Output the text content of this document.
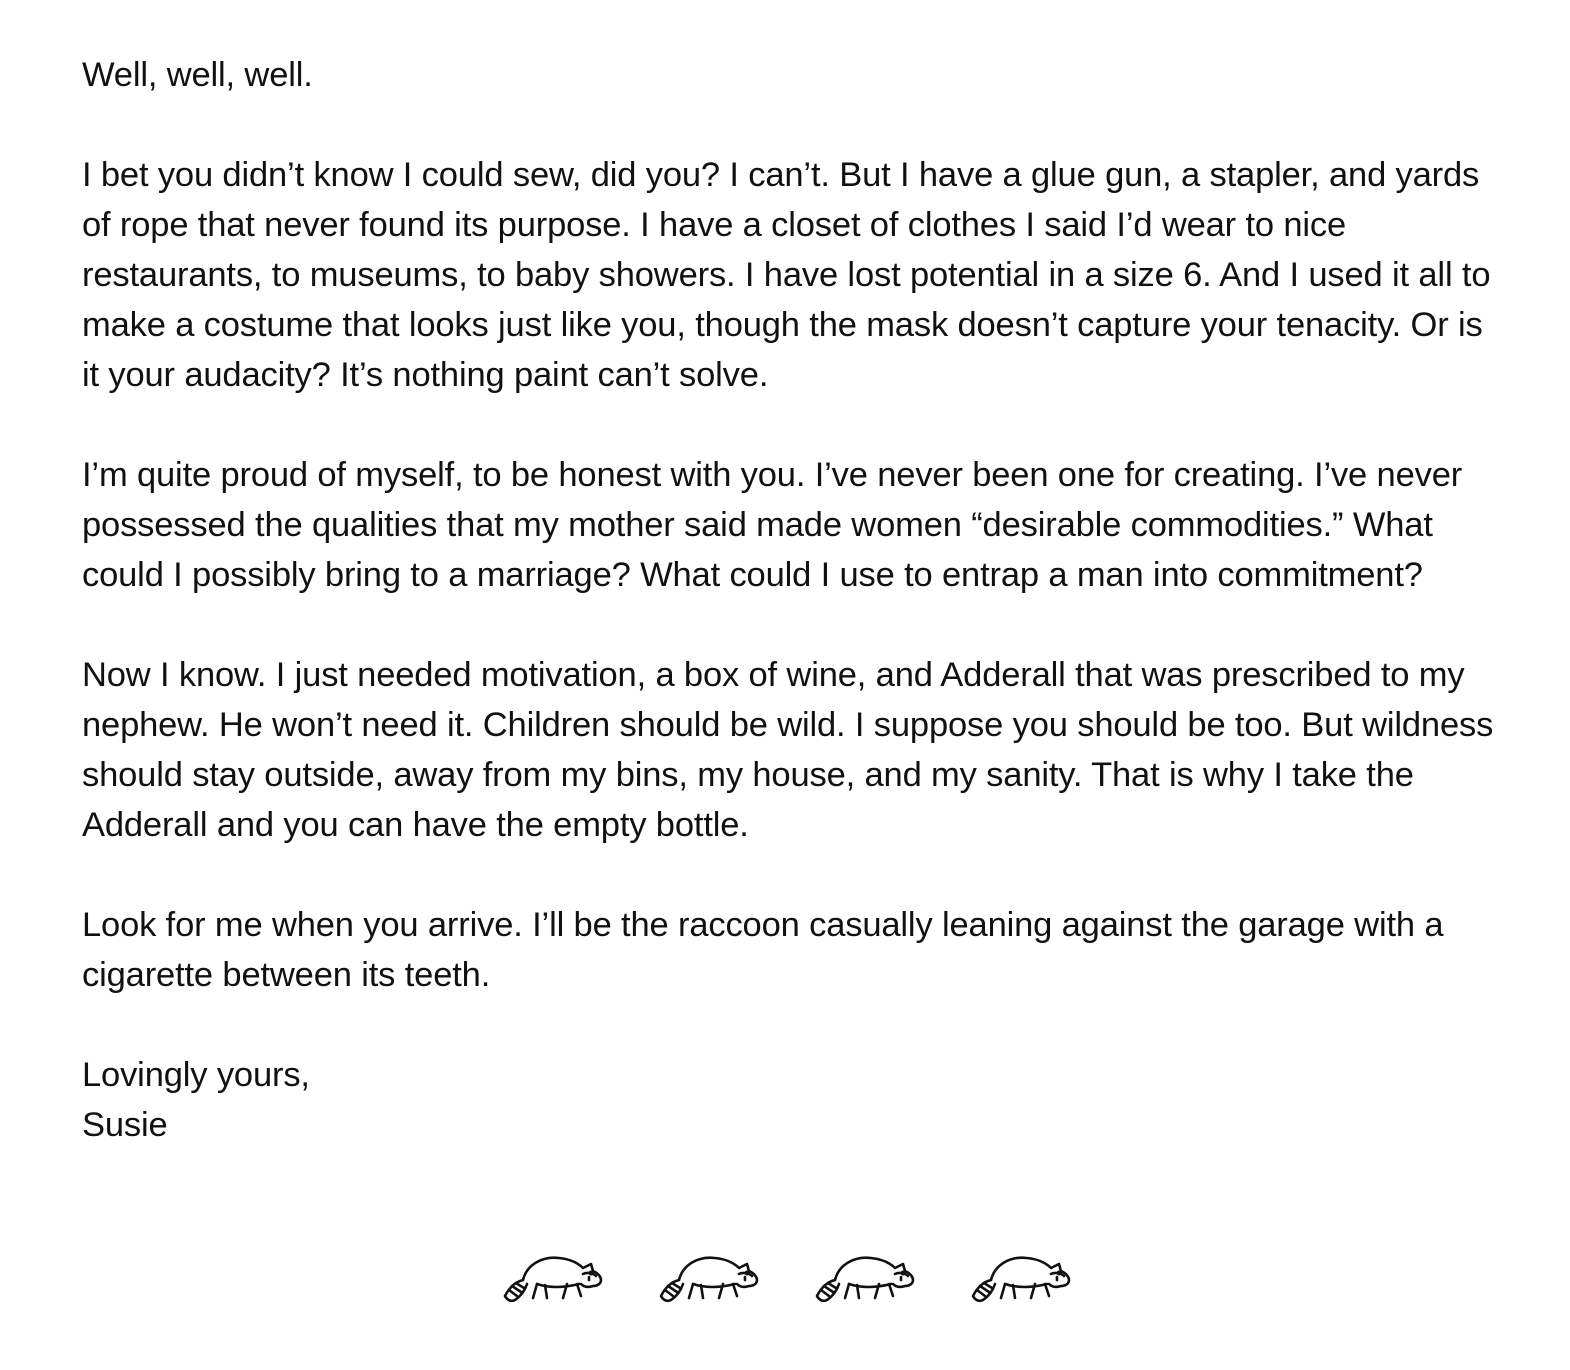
Well, well, well.

I bet you didn’t know I could sew, did you? I can’t. But I have a glue gun, a stapler, and yards of rope that never found its purpose. I have a closet of clothes I said I’d wear to nice restaurants, to museums, to baby showers. I have lost potential in a size 6. And I used it all to make a costume that looks just like you, though the mask doesn’t capture your tenacity. Or is it your audacity? It’s nothing paint can’t solve.

I’m quite proud of myself, to be honest with you. I’ve never been one for creating. I’ve never possessed the qualities that my mother said made women “desirable commodities.” What could I possibly bring to a marriage? What could I use to entrap a man into commitment?

Now I know. I just needed motivation, a box of wine, and Adderall that was prescribed to my nephew. He won’t need it. Children should be wild. I suppose you should be too. But wildness should stay outside, away from my bins, my house, and my sanity. That is why I take the Adderall and you can have the empty bottle.

Look for me when you arrive. I’ll be the raccoon casually leaning against the garage with a cigarette between its teeth.

Lovingly yours,
Susie
